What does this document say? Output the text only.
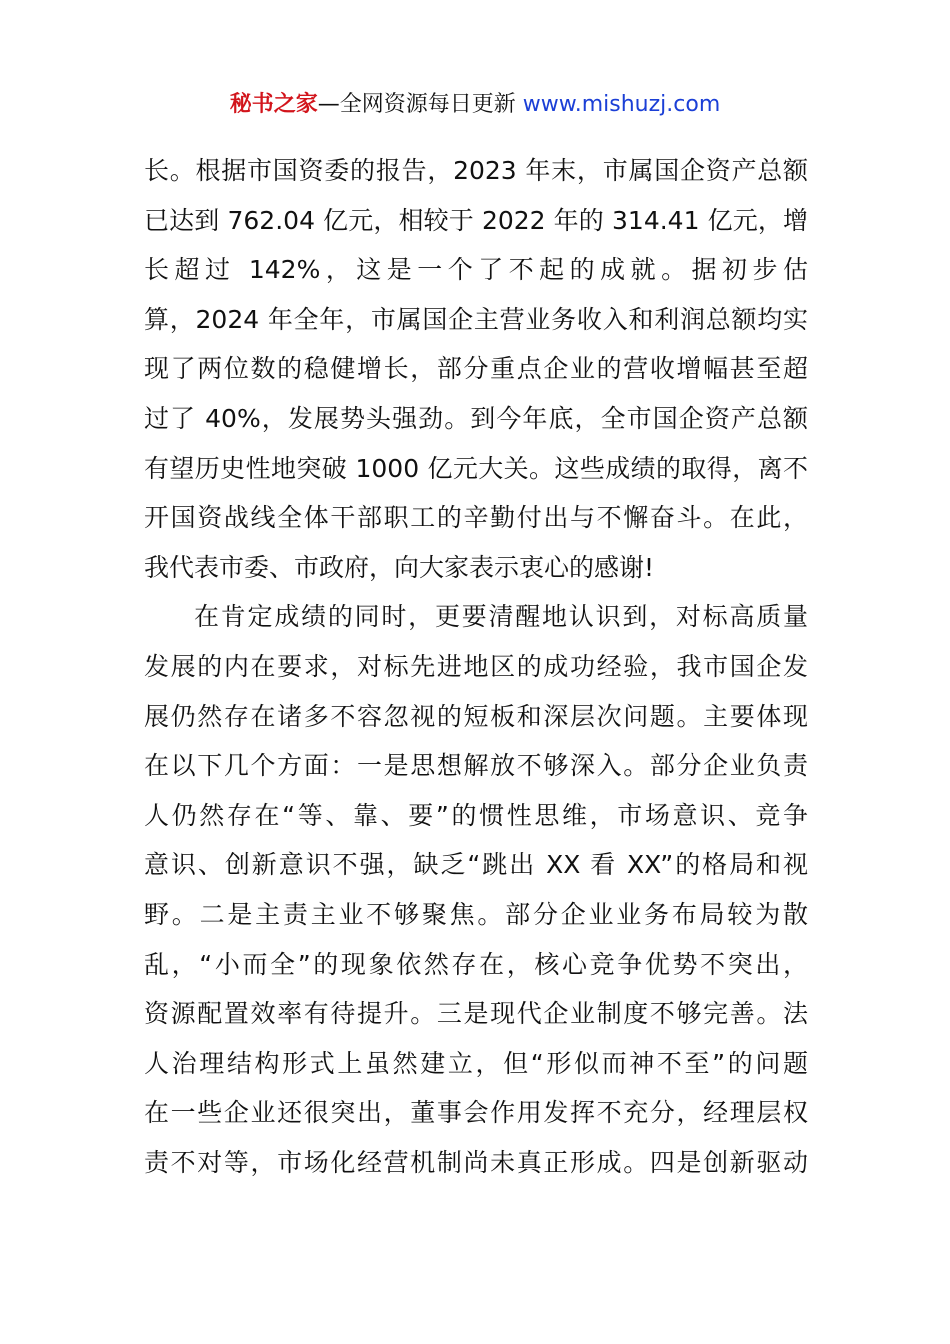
秘书之家—全网资源每日更新 www.mishuzj.com
长。根据市国资委的报告，2023 年末，市属国企资产总额
已达到 762.04 亿元，相较于 2022 年的 314.41 亿元，增
长超过 142%，这是一个了不起的成就。据初步估
算，2024 年全年，市属国企主营业务收入和利润总额均实
现了两位数的稳健增长，部分重点企业的营收增幅甚至超
过了 40%，发展势头强劲。到今年底，全市国企资产总额
有望历史性地突破 1000 亿元大关。这些成绩的取得，离不
开国资战线全体干部职工的辛勤付出与不懈奋斗。在此，
我代表市委、市政府，向大家表示衷心的感谢!
在肯定成绩的同时，更要清醒地认识到，对标高质量
发展的内在要求，对标先进地区的成功经验，我市国企发
展仍然存在诸多不容忽视的短板和深层次问题。主要体现
在以下几个方面：一是思想解放不够深入。部分企业负责
人仍然存在“等、靠、要”的惯性思维，市场意识、竞争
意识、创新意识不强，缺乏“跳出 XX 看 XX”的格局和视
野。二是主责主业不够聚焦。部分企业业务布局较为散
乱，“小而全”的现象依然存在，核心竞争优势不突出，
资源配置效率有待提升。三是现代企业制度不够完善。法
人治理结构形式上虽然建立，但“形似而神不至”的问题
在一些企业还很突出，董事会作用发挥不充分，经理层权
责不对等，市场化经营机制尚未真正形成。四是创新驱动
